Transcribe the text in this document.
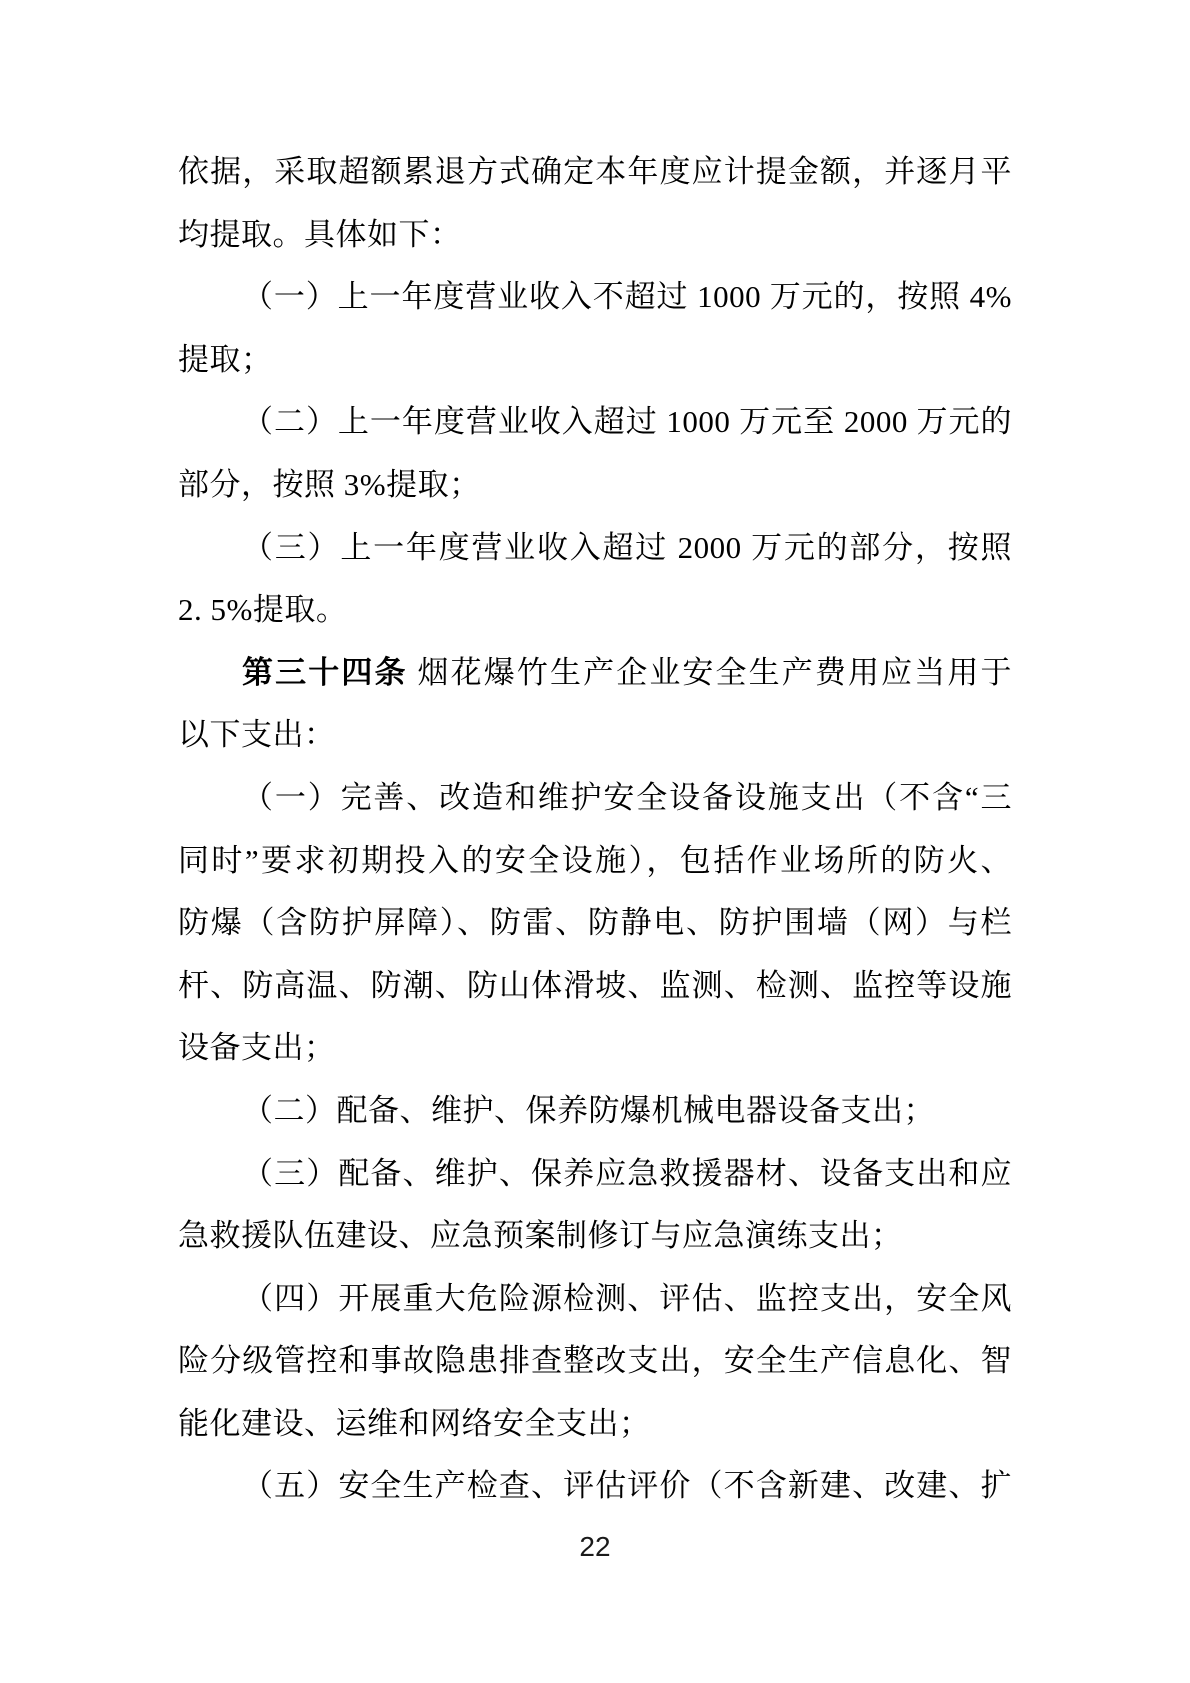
依据，采取超额累退方式确定本年度应计提金额，并逐月平
均提取。具体如下：
（一）上一年度营业收入不超过 1000 万元的，按照 4%
提取；
（二）上一年度营业收入超过 1000 万元至 2000 万元的
部分，按照 3%提取；
（三）上一年度营业收入超过 2000 万元的部分，按照
2. 5%提取。
第三十四条 烟花爆竹生产企业安全生产费用应当用于
以下支出：
（一）完善、改造和维护安全设备设施支出（不含“三
同时”要求初期投入的安全设施），包括作业场所的防火、
防爆（含防护屏障）、防雷、防静电、防护围墙（网）与栏
杆、防高温、防潮、防山体滑坡、监测、检测、监控等设施
设备支出；
（二）配备、维护、保养防爆机械电器设备支出；
（三）配备、维护、保养应急救援器材、设备支出和应
急救援队伍建设、应急预案制修订与应急演练支出；
（四）开展重大危险源检测、评估、监控支出，安全风
险分级管控和事故隐患排查整改支出，安全生产信息化、智
能化建设、运维和网络安全支出；
（五）安全生产检查、评估评价（不含新建、改建、扩
22
